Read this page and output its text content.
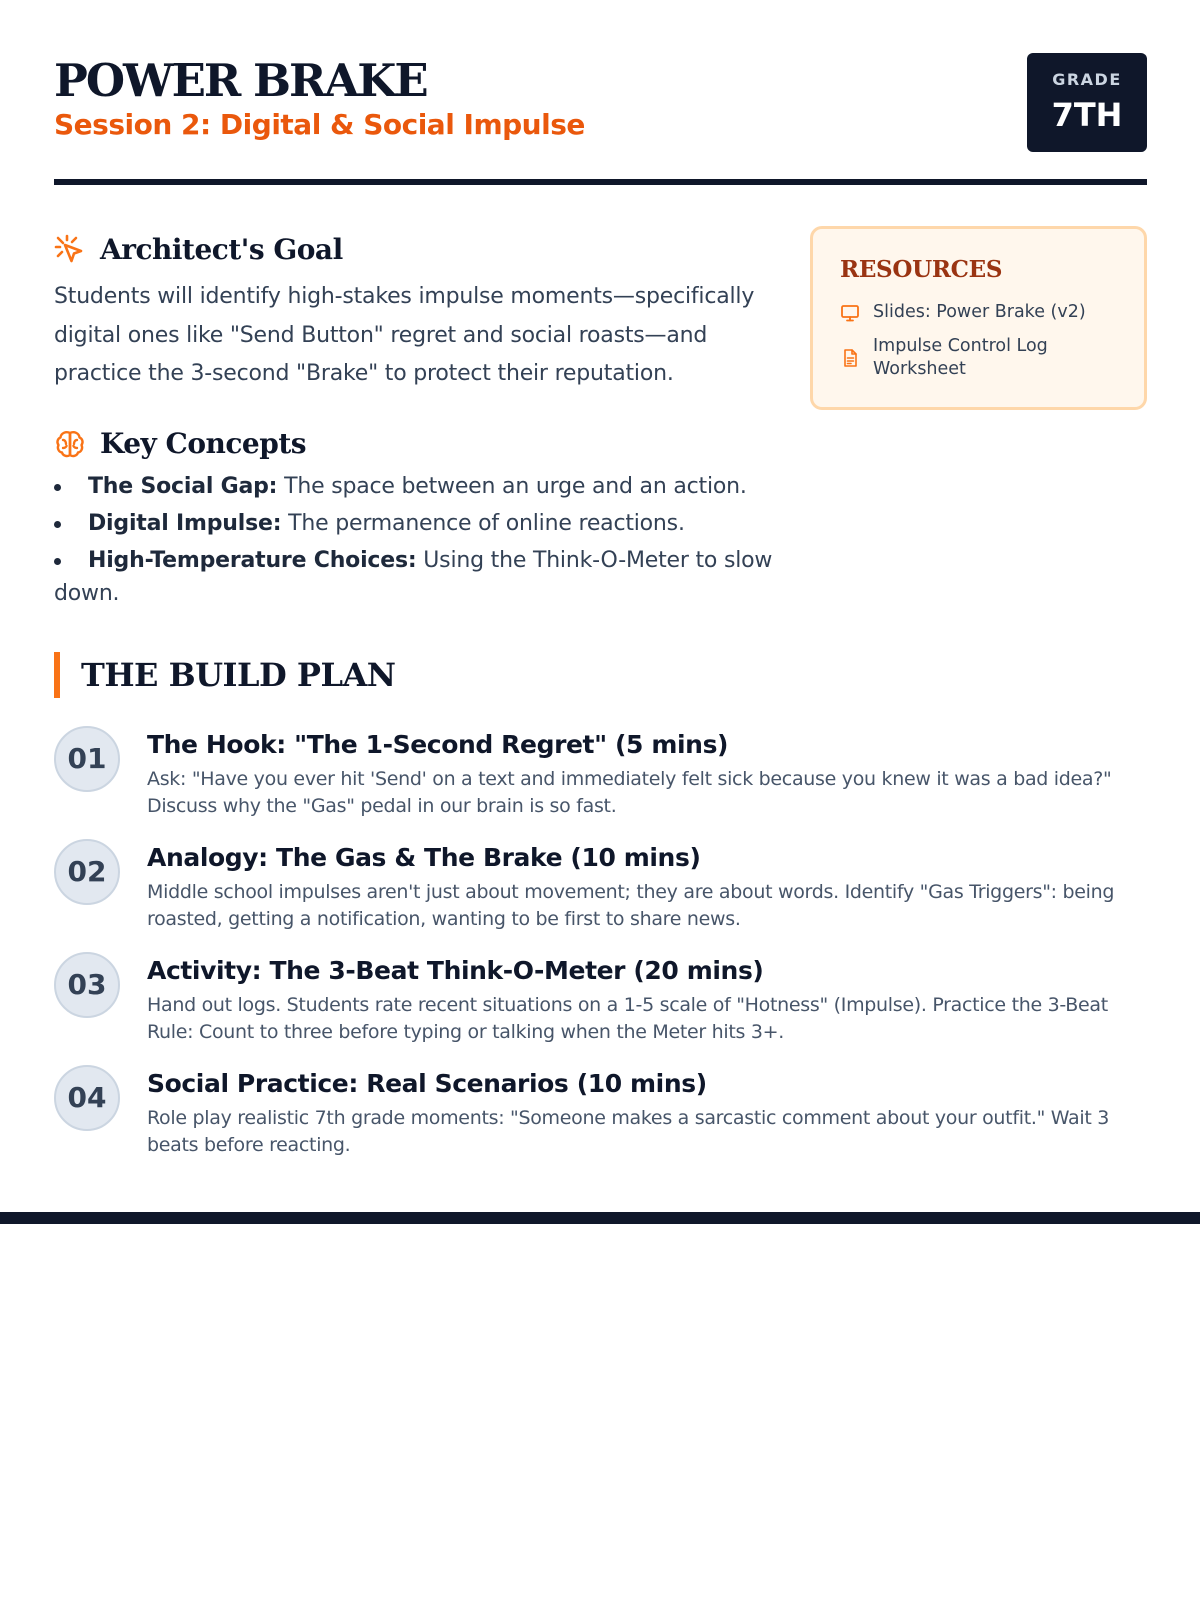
POWER BRAKE
Session 2: Digital & Social Impulse
GRADE
7TH
Architect's Goal
Students will identify high-stakes impulse moments—specifically digital ones like "Send Button" regret and social roasts—and practice the 3-second "Brake" to protect their reputation.
Key Concepts
The Social Gap: The space between an urge and an action.
Digital Impulse: The permanence of online reactions.
High-Temperature Choices: Using the Think-O-Meter to slow down.
RESOURCES
Slides: Power Brake (v2)
Impulse Control Log Worksheet
THE BUILD PLAN
01	The Hook: "The 1-Second Regret" (5 mins)
Ask: "Have you ever hit 'Send' on a text and immediately felt sick because you knew it was a bad idea?" Discuss why the "Gas" pedal in our brain is so fast.
02	Analogy: The Gas & The Brake (10 mins)
Middle school impulses aren't just about movement; they are about words. Identify "Gas Triggers": being roasted, getting a notification, wanting to be first to share news.
03	Activity: The 3-Beat Think-O-Meter (20 mins)
Hand out logs. Students rate recent situations on a 1-5 scale of "Hotness" (Impulse). Practice the 3-Beat Rule: Count to three before typing or talking when the Meter hits 3+.
04	Social Practice: Real Scenarios (10 mins)
Role play realistic 7th grade moments: "Someone makes a sarcastic comment about your outfit." Wait 3 beats before reacting.
